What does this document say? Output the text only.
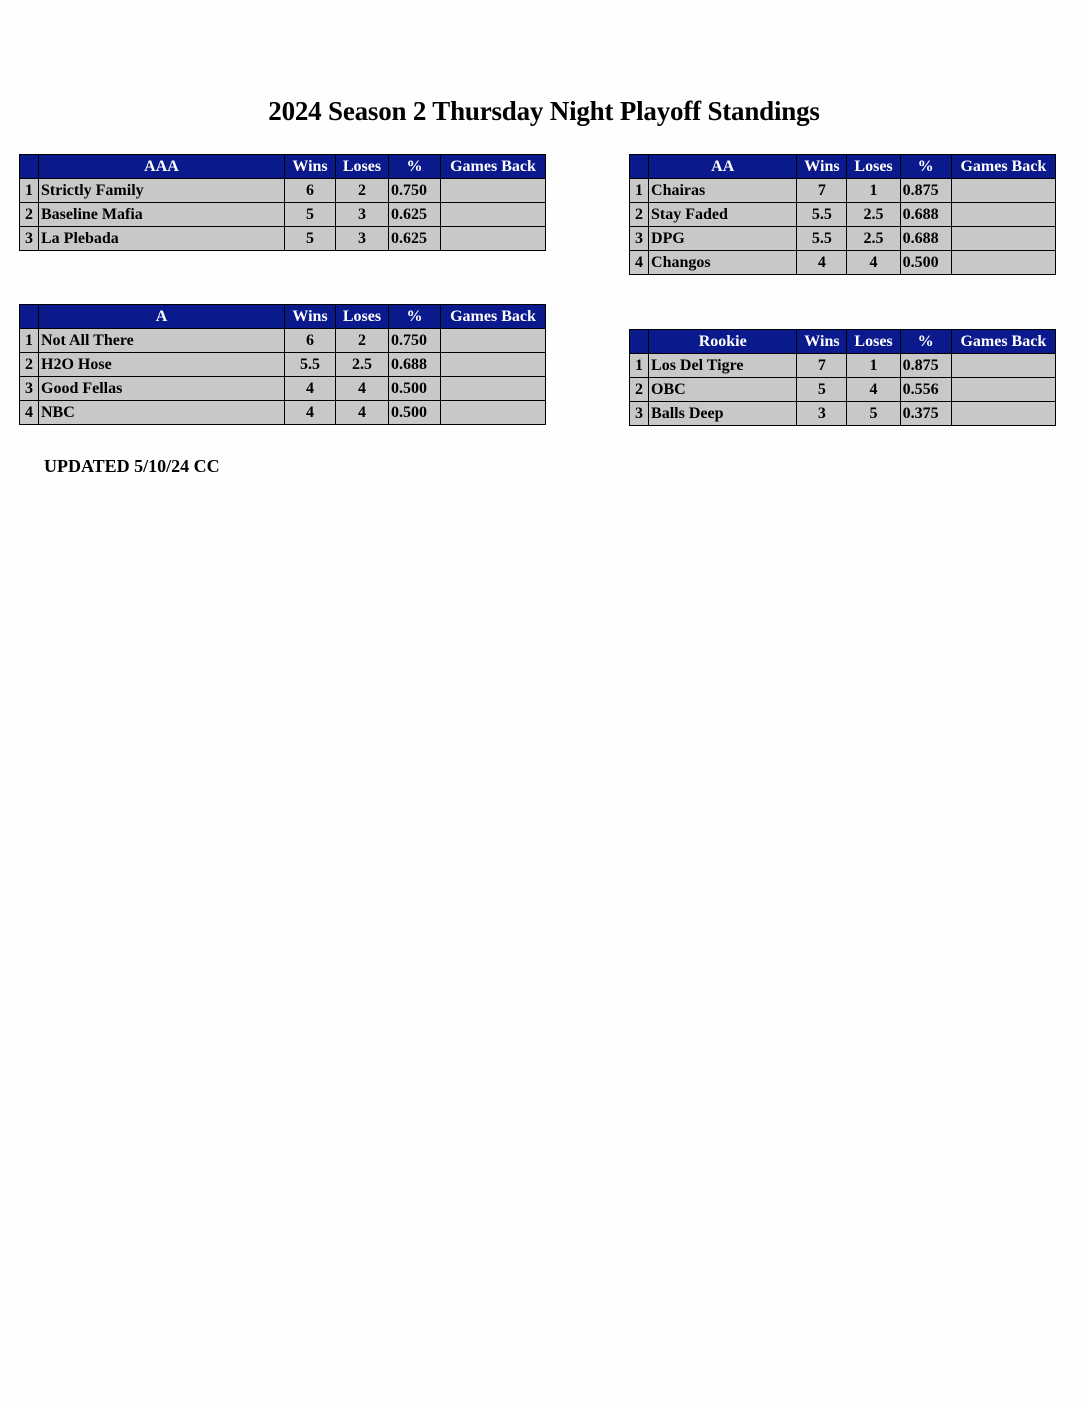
2024 Season 2 Thursday Night Playoff Standings
	AAA	Wins	Loses	%	Games Back
1	Strictly Family	6	2	0.750	
2	Baseline Mafia	5	3	0.625	
3	La Plebada	5	3	0.625	
	AA	Wins	Loses	%	Games Back
1	Chairas	7	1	0.875	
2	Stay Faded	5.5	2.5	0.688	
3	DPG	5.5	2.5	0.688	
4	Changos	4	4	0.500	
	A	Wins	Loses	%	Games Back
1	Not All There	6	2	0.750	
2	H2O Hose	5.5	2.5	0.688	
3	Good Fellas	4	4	0.500	
4	NBC	4	4	0.500	
	Rookie	Wins	Loses	%	Games Back
1	Los Del Tigre	7	1	0.875	
2	OBC	5	4	0.556	
3	Balls Deep	3	5	0.375	
UPDATED 5/10/24 CC
